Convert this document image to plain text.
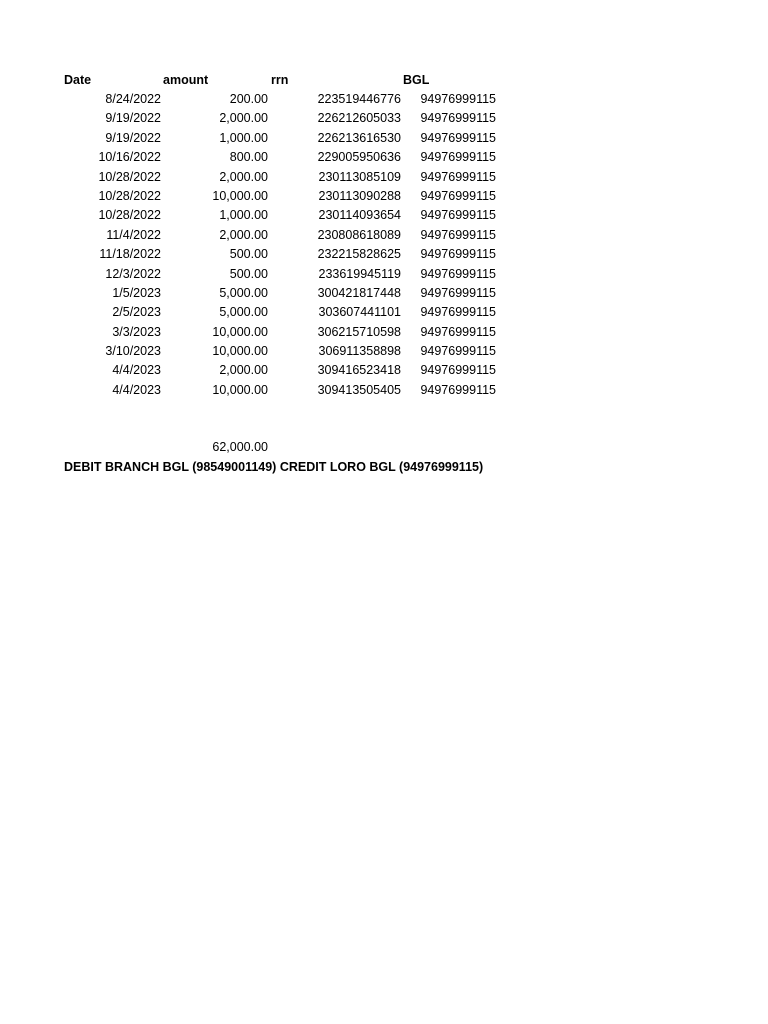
Date	amount	rrn	BGL
8/24/2022	200.00	223519446776	94976999115
9/19/2022	2,000.00	226212605033	94976999115
9/19/2022	1,000.00	226213616530	94976999115
10/16/2022	800.00	229005950636	94976999115
10/28/2022	2,000.00	230113085109	94976999115
10/28/2022	10,000.00	230113090288	94976999115
10/28/2022	1,000.00	230114093654	94976999115
11/4/2022	2,000.00	230808618089	94976999115
11/18/2022	500.00	232215828625	94976999115
12/3/2022	500.00	233619945119	94976999115
1/5/2023	5,000.00	300421817448	94976999115
2/5/2023	5,000.00	303607441101	94976999115
3/3/2023	10,000.00	306215710598	94976999115
3/10/2023	10,000.00	306911358898	94976999115
4/4/2023	2,000.00	309416523418	94976999115
4/4/2023	10,000.00	309413505405	94976999115
62,000.00
DEBIT BRANCH BGL (98549001149) CREDIT LORO BGL (94976999115)
